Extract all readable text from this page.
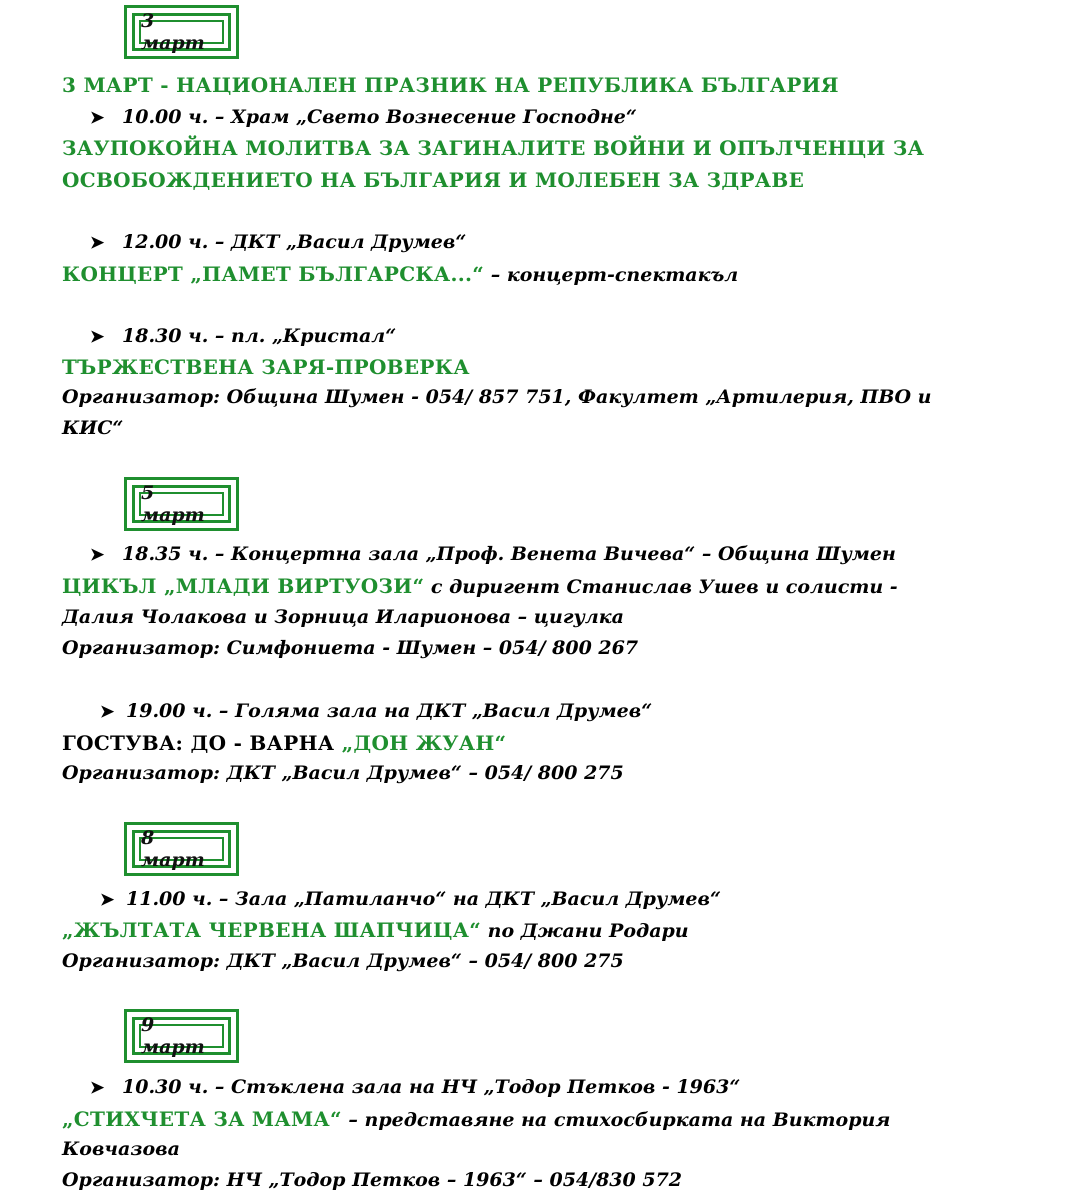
3 март
3 МАРТ - НАЦИОНАЛЕН ПРАЗНИК НА РЕПУБЛИКА БЪЛГАРИЯ
➤ 10.00 ч. – Храм „Свето Вознесение Господне“
ЗАУПОКОЙНА МОЛИТВА ЗА ЗАГИНАЛИТЕ ВОЙНИ И ОПЪЛЧЕНЦИ ЗА
ОСВОБОЖДЕНИЕТО НА БЪЛГАРИЯ И МОЛЕБЕН ЗА ЗДРАВЕ
➤ 12.00 ч. – ДКТ „Васил Друмев“
КОНЦЕРТ „ПАМЕТ БЪЛГАРСКА...“ – концерт-спектакъл
➤ 18.30 ч. – пл. „Кристал“
ТЪРЖЕСТВЕНА ЗАРЯ-ПРОВЕРКА
Организатор: Община Шумен - 054/ 857 751, Факултет „Артилерия, ПВО и
КИС“
5 март
➤ 18.35 ч. – Концертна зала „Проф. Венета Вичева“ – Община Шумен
ЦИКЪЛ „МЛАДИ ВИРТУОЗИ“ с диригент Станислав Ушев и солисти -
Далия Чолакова и Зорница Иларионова – цигулка
Организатор: Симфониета - Шумен – 054/ 800 267
➤ 19.00 ч. – Голяма зала на ДКТ „Васил Друмев“
ГОСТУВА: ДО - ВАРНА „ДОН ЖУАН“
Организатор: ДКТ „Васил Друмев“ – 054/ 800 275
8 март
➤ 11.00 ч. – Зала „Патиланчо“ на ДКТ „Васил Друмев“
„ЖЪЛТАТА ЧЕРВЕНА ШАПЧИЦА“ по Джани Родари
Организатор: ДКТ „Васил Друмев“ – 054/ 800 275
9 март
➤ 10.30 ч. – Стъклена зала на НЧ „Тодор Петков - 1963“
„СТИХЧЕТА ЗА МАМА“ – представяне на стихосбирката на Виктория
Ковчазова
Организатор: НЧ „Тодор Петков – 1963“ – 054/830 572
